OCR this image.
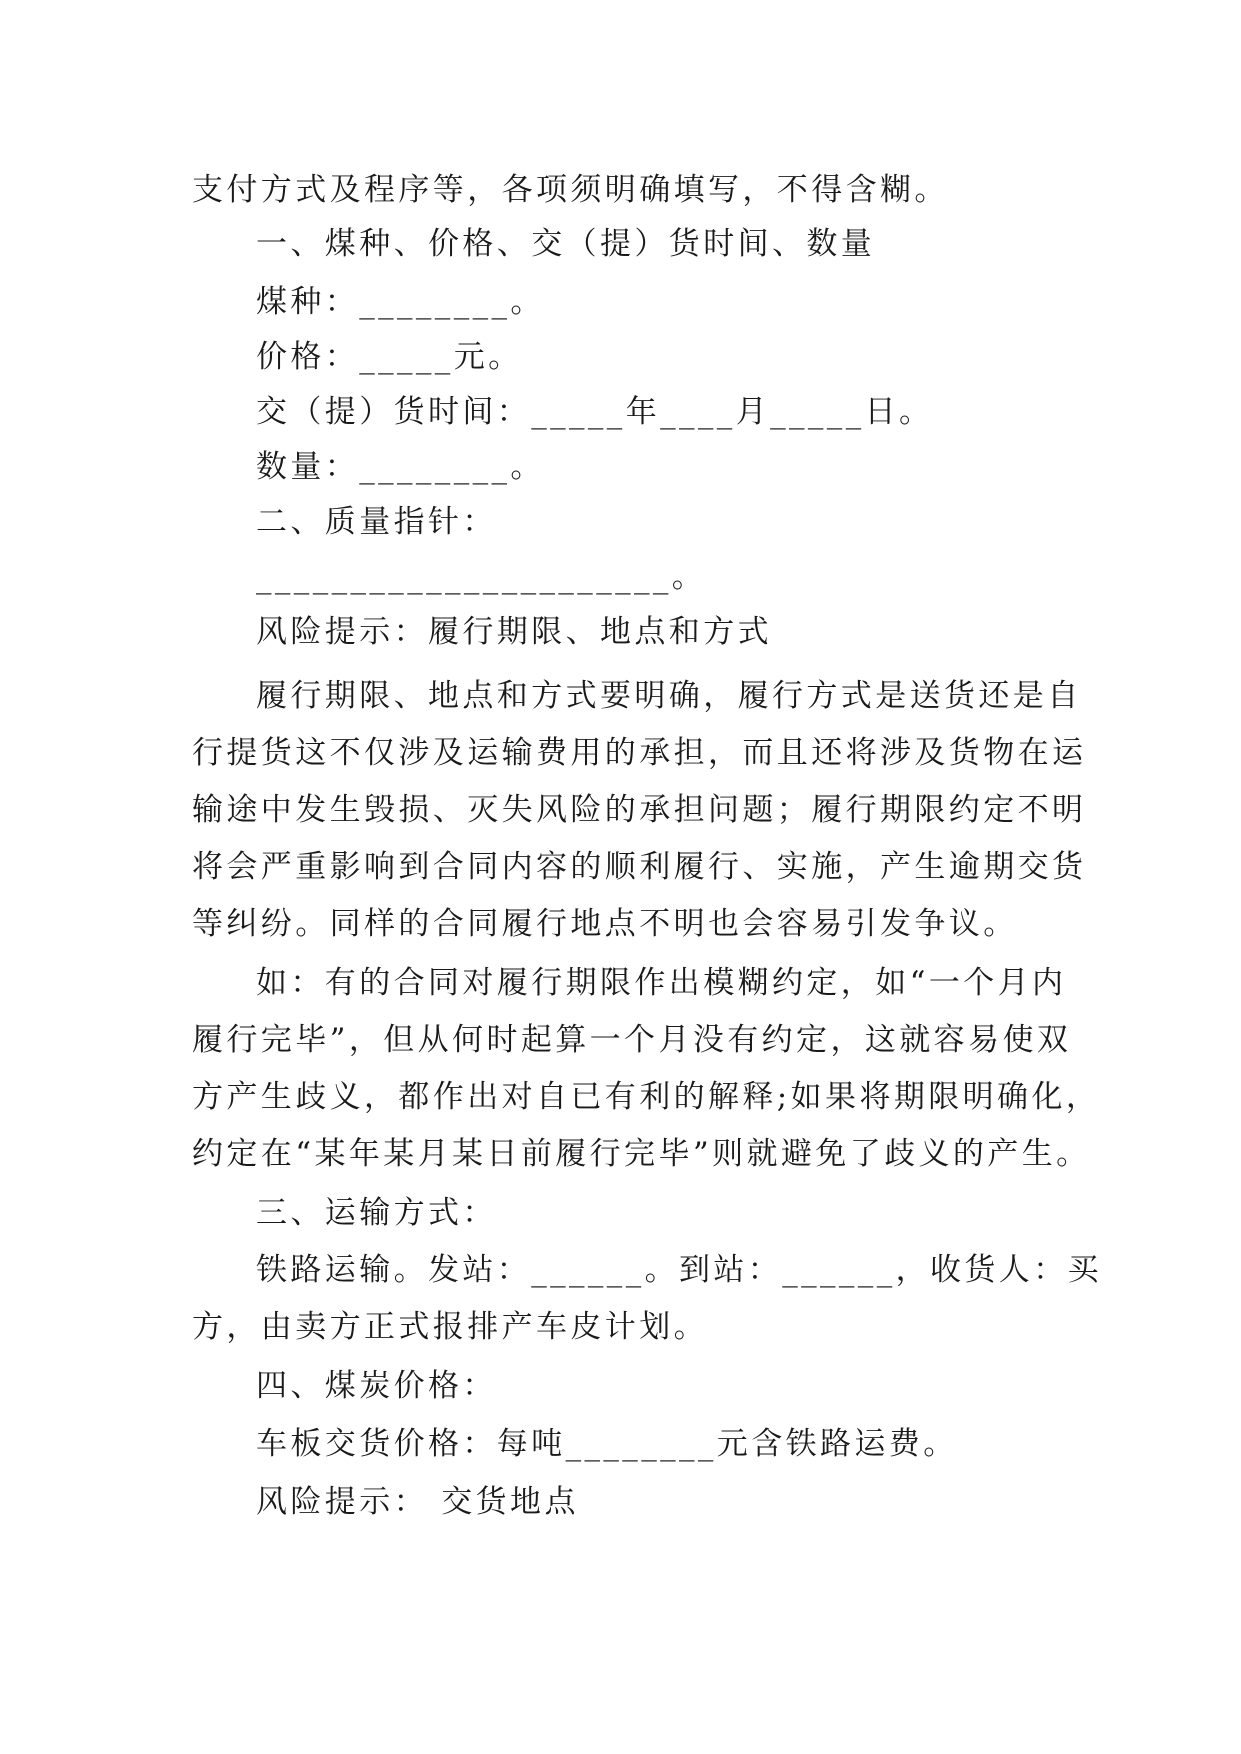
支付方式及程序等，各项须明确填写，不得含糊。
一、煤种、价格、交（提）货时间、数量
煤种：________。
价格：_____元。
交（提）货时间：_____年____月_____日。
数量：________。
二、质量指针：
______________________。
风险提示：履行期限、地点和方式
履行期限、地点和方式要明确，履行方式是送货还是自
行提货这不仅涉及运输费用的承担，而且还将涉及货物在运
输途中发生毁损、灭失风险的承担问题；履行期限约定不明
将会严重影响到合同内容的顺利履行、实施，产生逾期交货
等纠纷。同样的合同履行地点不明也会容易引发争议。
如：有的合同对履行期限作出模糊约定，如“一个月内
履行完毕”，但从何时起算一个月没有约定，这就容易使双
方产生歧义，都作出对自已有利的解释;如果将期限明确化，
约定在“某年某月某日前履行完毕”则就避免了歧义的产生。
三、运输方式：
铁路运输。发站：______。到站：______，收货人：买
方，由卖方正式报排产车皮计划。
四、煤炭价格：
车板交货价格：每吨________元含铁路运费。
风险提示： 交货地点
